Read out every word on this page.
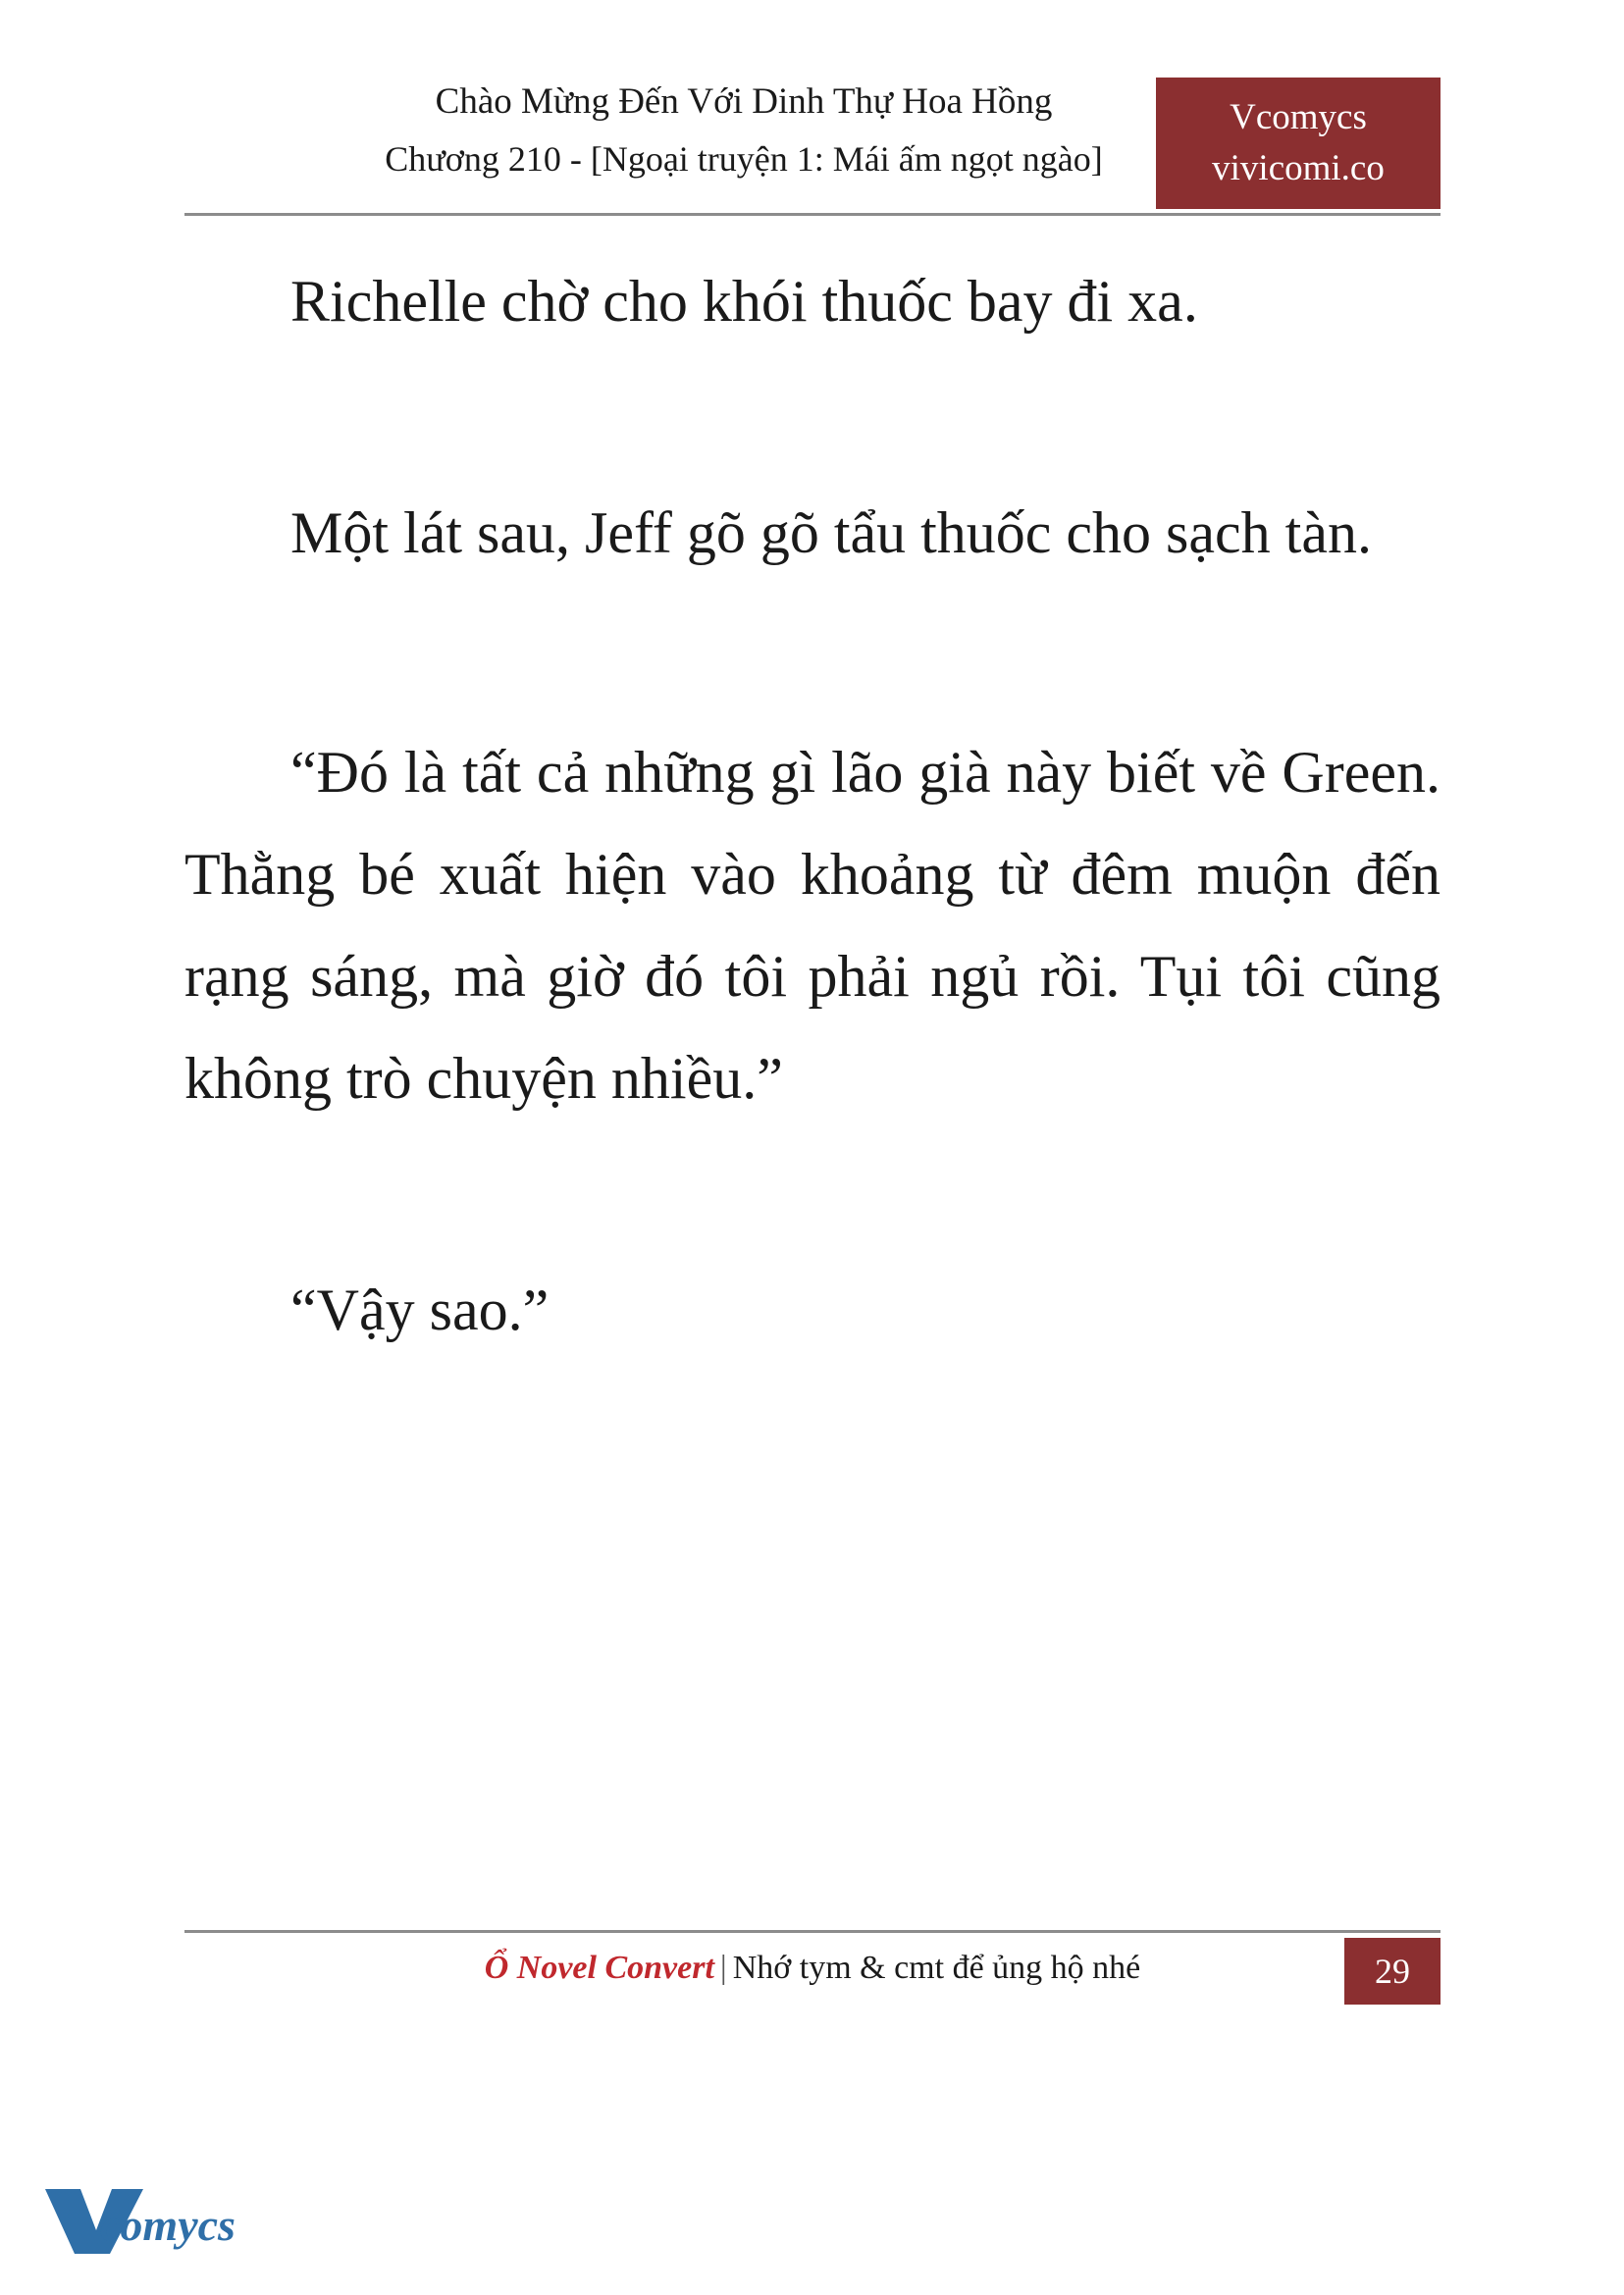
Chào Mừng Đến Với Dinh Thự Hoa Hồng
Chương 210 - [Ngoại truyện 1: Mái ấm ngọt ngào]
Vcomycs
vivicomi.co

Richelle chờ cho khói thuốc bay đi xa.

Một lát sau, Jeff gõ gõ tẩu thuốc cho sạch tàn.

“Đó là tất cả những gì lão già này biết về Green. Thằng bé xuất hiện vào khoảng từ đêm muộn đến rạng sáng, mà giờ đó tôi phải ngủ rồi. Tụi tôi cũng không trò chuyện nhiều.”

“Vậy sao.”

Ổ Novel Convert | Nhớ tym & cmt để ủng hộ nhé	29
comycs
